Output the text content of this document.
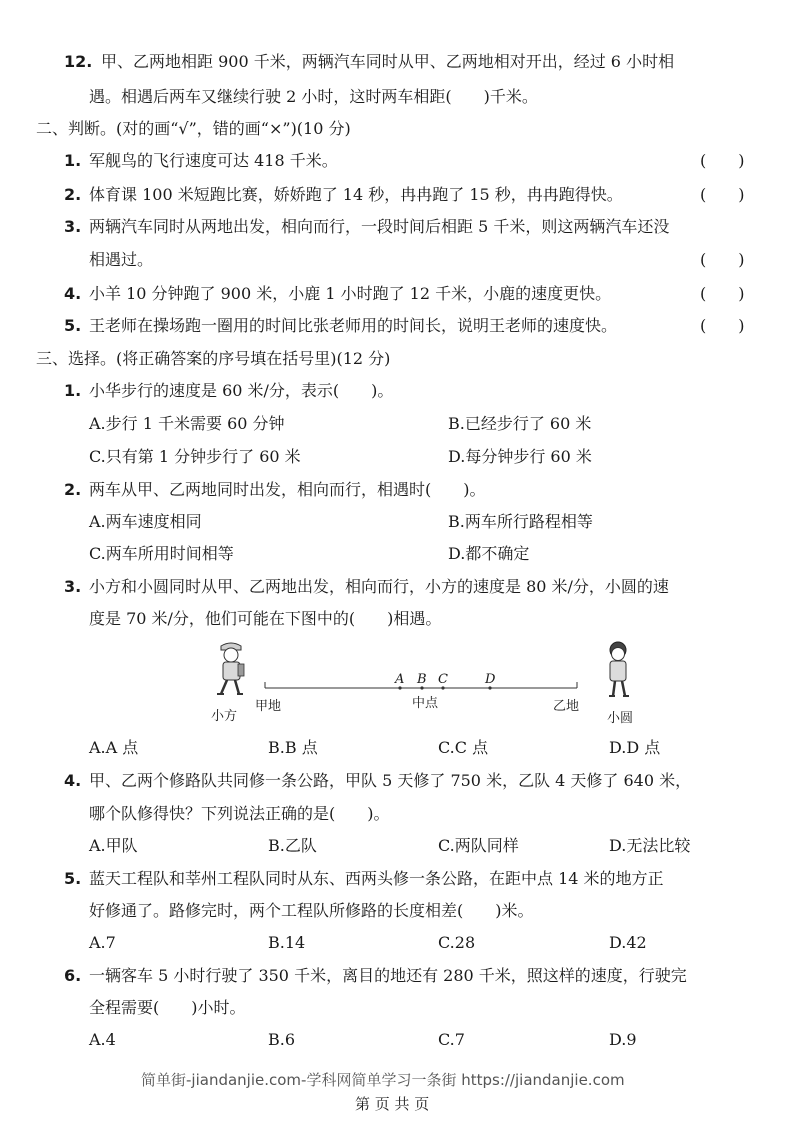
12. 甲、乙两地相距 900 千米，两辆汽车同时从甲、乙两地相对开出，经过 6 小时相
遇。相遇后两车又继续行驶 2 小时，这时两车相距(　　)千米。
二、判断。(对的画“√”，错的画“×”)(10 分)
1. 军舰鸟的飞行速度可达 418 千米。	(　　)
2. 体育课 100 米短跑比赛，娇娇跑了 14 秒，冉冉跑了 15 秒，冉冉跑得快。	(　　)
3. 两辆汽车同时从两地出发，相向而行，一段时间后相距 5 千米，则这两辆汽车还没
相遇过。	(　　)
4. 小羊 10 分钟跑了 900 米，小鹿 1 小时跑了 12 千米，小鹿的速度更快。	(　　)
5. 王老师在操场跑一圈用的时间比张老师用的时间长，说明王老师的速度快。	(　　)
三、选择。(将正确答案的序号填在括号里)(12 分)
1. 小华步行的速度是 60 米/分，表示(　　)。
A.步行 1 千米需要 60 分钟	B.已经步行了 60 米
C.只有第 1 分钟步行了 60 米	D.每分钟步行 60 米
2. 两车从甲、乙两地同时出发，相向而行，相遇时(　　)。
A.两车速度相同	B.两车所行路程相等
C.两车所用时间相等	D.都不确定
3. 小方和小圆同时从甲、乙两地出发，相向而行，小方的速度是 80 米/分，小圆的速
度是 70 米/分，他们可能在下图中的(　　)相遇。
A B C	D
甲地	中点	乙地
小方	小圆
A.A 点	B.B 点	C.C 点	D.D 点
4. 甲、乙两个修路队共同修一条公路，甲队 5 天修了 750 米，乙队 4 天修了 640 米，
哪个队修得快？下列说法正确的是(　　)。
A.甲队	B.乙队	C.两队同样	D.无法比较
5. 蓝天工程队和莘州工程队同时从东、西两头修一条公路，在距中点 14 米的地方正
好修通了。路修完时，两个工程队所修路的长度相差(　　)米。
A.7	B.14	C.28	D.42
6. 一辆客车 5 小时行驶了 350 千米，离目的地还有 280 千米，照这样的速度，行驶完
全程需要(　　)小时。
A.4	B.6	C.7	D.9
简单街-jiandanjie.com-学科网简单学习一条街 https://jiandanjie.com
第 页 共 页
